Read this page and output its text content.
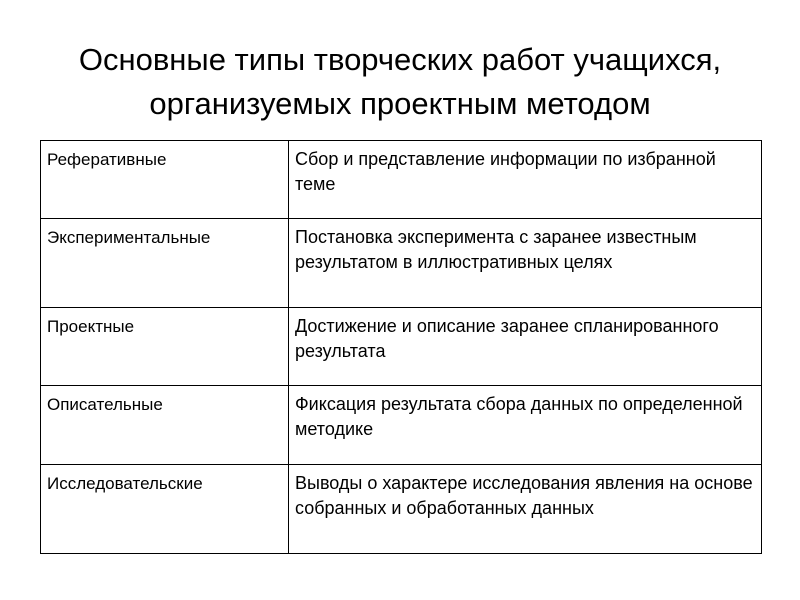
Основные типы творческих работ учащихся,
организуемых проектным методом
Реферативные	Сбор и представление информации по избранной теме
Экспериментальные	Постановка эксперимента с заранее известным результатом в иллюстративных целях
Проектные	Достижение и описание заранее спланированного результата
Описательные	Фиксация результата сбора данных по определенной методике
Исследовательские	Выводы о характере исследования явления на основе собранных и обработанных данных
